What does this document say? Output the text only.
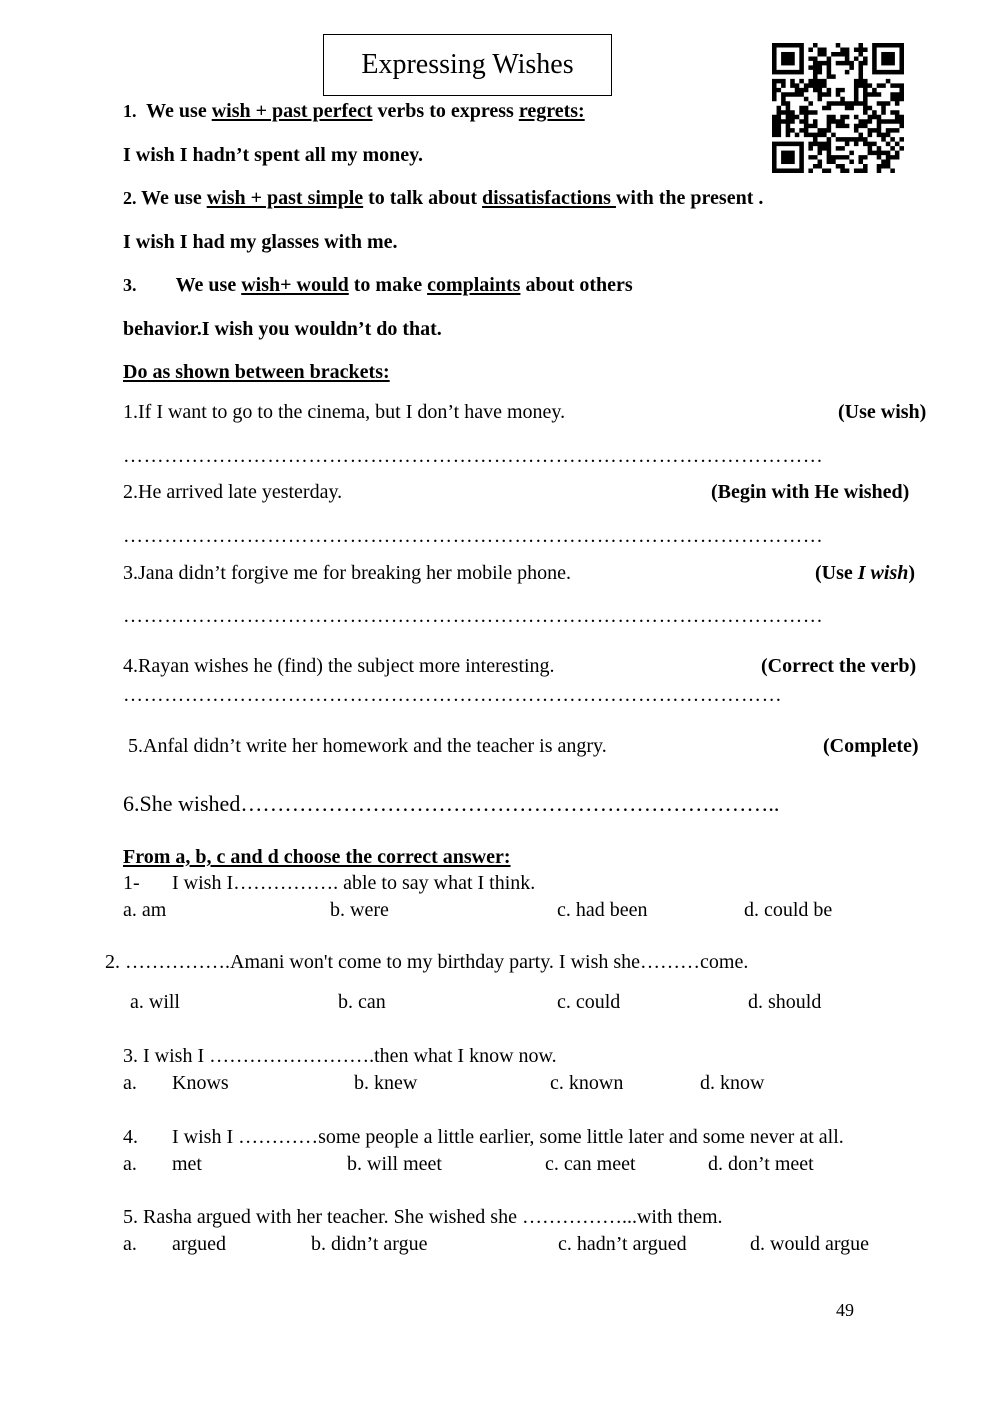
Expressing Wishes
1. We use wish + past perfect verbs to express regrets:
I wish I hadn’t spent all my money.
2. We use wish + past simple to talk about dissatisfactions with the present .
I wish I had my glasses with me.
3. We use wish+ would to make complaints about others
behavior.I wish you wouldn’t do that.
Do as shown between brackets:
1.If I want to go to the cinema, but I don’t have money.	(Use wish)
…………………………………………………………………………………………
2.He arrived late yesterday.	(Begin with He wished)
…………………………………………………………………………………………
3.Jana didn’t forgive me for breaking her mobile phone.	(Use I wish)
…………………………………………………………………………………………
4.Rayan wishes he (find) the subject more interesting.	(Correct the verb)
……………………………………………………………………………………
5.Anfal didn’t write her homework and the teacher is angry.	(Complete)
6.She wished………………………………………………………………..
From a, b, c and d choose the correct answer:
1- I wish I……………. able to say what I think.
a. am	b. were	c. had been	d. could be
2. …………….Amani won't come to my birthday party. I wish she………come.
a. will	b. can	c. could	d. should
3. I wish I …………………….then what I know now.
a. Knows	b. knew	c. known	d. know
4. I wish I …………some people a little earlier, some little later and some never at all.
a. met	b. will meet	c. can meet	d. don’t meet
5. Rasha argued with her teacher. She wished she ……………...with them.
a. argued	b. didn’t argue	c. hadn’t argued	d. would argue
49
